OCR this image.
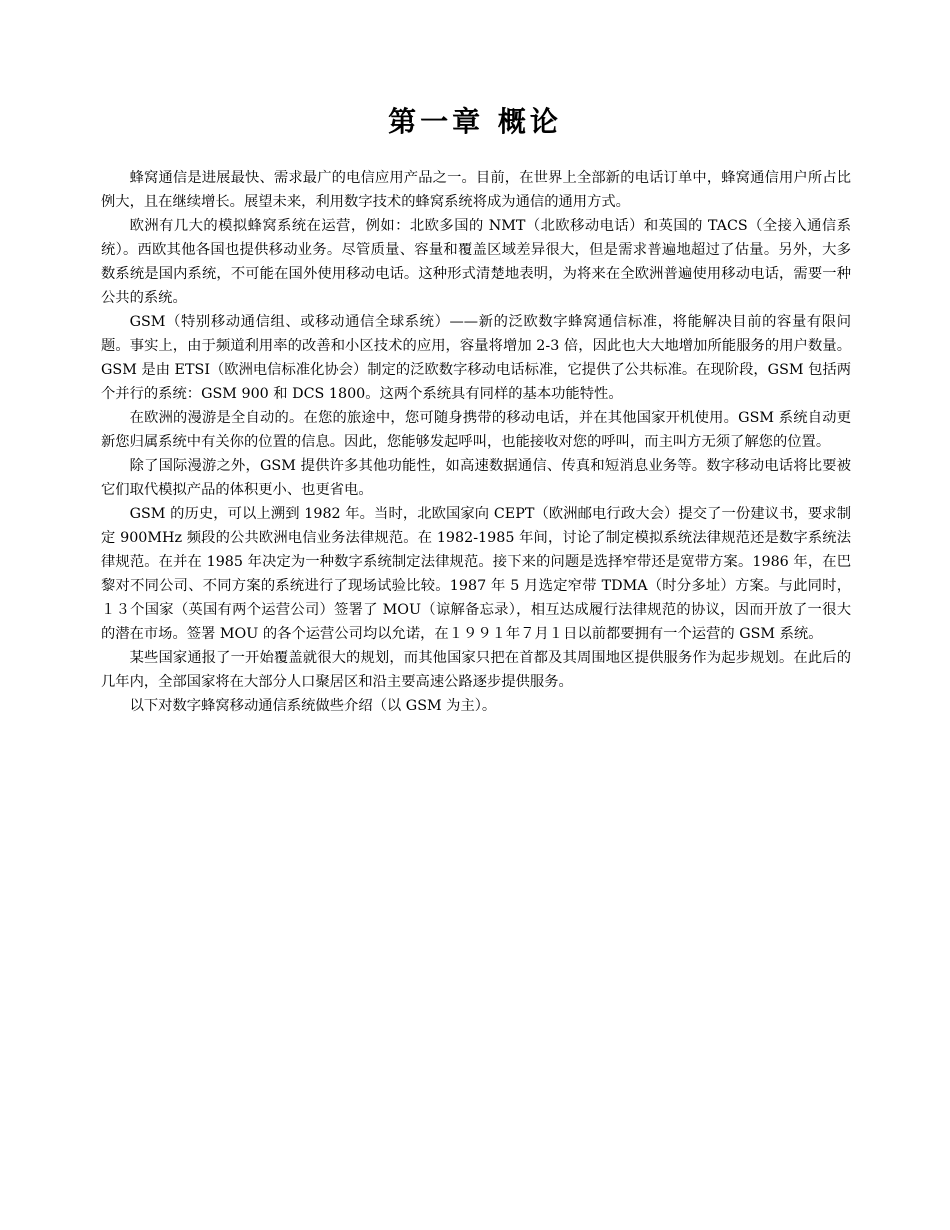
第一章 概论

蜂窝通信是进展最快、需求最广的电信应用产品之一。目前，在世界上全部新的电话订单中，蜂窝通信用户所占比例大，且在继续增长。展望未来，利用数字技术的蜂窝系统将成为通信的通用方式。

欧洲有几大的模拟蜂窝系统在运营，例如：北欧多国的 NMT（北欧移动电话）和英国的 TACS（全接入通信系统）。西欧其他各国也提供移动业务。尽管质量、容量和覆盖区域差异很大，但是需求普遍地超过了估量。另外，大多数系统是国内系统，不可能在国外使用移动电话。这种形式清楚地表明，为将来在全欧洲普遍使用移动电话，需要一种公共的系统。

GSM（特别移动通信组、或移动通信全球系统）——新的泛欧数字蜂窝通信标准，将能解决目前的容量有限问题。事实上，由于频道利用率的改善和小区技术的应用，容量将增加 2-3 倍，因此也大大地增加所能服务的用户数量。GSM 是由 ETSI（欧洲电信标准化协会）制定的泛欧数字移动电话标准，它提供了公共标准。在现阶段，GSM 包括两个并行的系统：GSM 900 和 DCS 1800。这两个系统具有同样的基本功能特性。

在欧洲的漫游是全自动的。在您的旅途中，您可随身携带的移动电话，并在其他国家开机使用。GSM 系统自动更新您归属系统中有关你的位置的信息。因此，您能够发起呼叫，也能接收对您的呼叫，而主叫方无须了解您的位置。

除了国际漫游之外，GSM 提供许多其他功能性，如高速数据通信、传真和短消息业务等。数字移动电话将比要被它们取代模拟产品的体积更小、也更省电。

GSM 的历史，可以上溯到 1982 年。当时，北欧国家向 CEPT（欧洲邮电行政大会）提交了一份建议书，要求制定 900MHz 频段的公共欧洲电信业务法律规范。在 1982-1985 年间，讨论了制定模拟系统法律规范还是数字系统法律规范。在并在 1985 年决定为一种数字系统制定法律规范。接下来的问题是选择窄带还是宽带方案。1986 年，在巴黎对不同公司、不同方案的系统进行了现场试验比较。1987 年 5 月选定窄带 TDMA（时分多址）方案。与此同时，１３个国家（英国有两个运营公司）签署了 MOU（谅解备忘录），相互达成履行法律规范的协议，因而开放了一很大的潜在市场。签署 MOU 的各个运营公司均以允诺，在１９９１年７月１日以前都要拥有一个运营的 GSM 系统。

某些国家通报了一开始覆盖就很大的规划，而其他国家只把在首都及其周围地区提供服务作为起步规划。在此后的几年内，全部国家将在大部分人口聚居区和沿主要高速公路逐步提供服务。

以下对数字蜂窝移动通信系统做些介绍（以 GSM 为主）。
